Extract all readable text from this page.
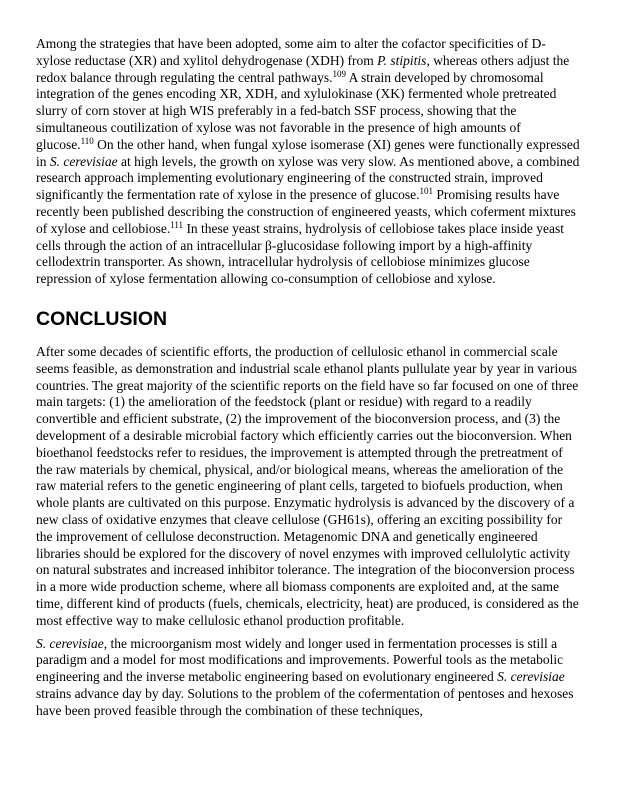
Among the strategies that have been adopted, some aim to alter the cofactor specificities of D-xylose reductase (XR) and xylitol dehydrogenase (XDH) from P. stipitis, whereas others adjust the redox balance through regulating the central pathways.$^{109}$ A strain developed by chromosomal integration of the genes encoding XR, XDH, and xylulokinase (XK) fermented whole pretreated slurry of corn stover at high WIS preferably in a fed-batch SSF process, showing that the simultaneous coutilization of xylose was not favorable in the presence of high amounts of glucose.$^{110}$ On the other hand, when fungal xylose isomerase (XI) genes were functionally expressed in S. cerevisiae at high levels, the growth on xylose was very slow. As mentioned above, a combined research approach implementing evolutionary engineering of the constructed strain, improved significantly the fermentation rate of xylose in the presence of glucose.$^{101}$ Promising results have recently been published describing the construction of engineered yeasts, which coferment mixtures of xylose and cellobiose.$^{111}$ In these yeast strains, hydrolysis of cellobiose takes place inside yeast cells through the action of an intracellular β-glucosidase following import by a high-affinity cellodextrin transporter. As shown, intracellular hydrolysis of cellobiose minimizes glucose repression of xylose fermentation allowing co-consumption of cellobiose and xylose.

CONCLUSION

After some decades of scientific efforts, the production of cellulosic ethanol in commercial scale seems feasible, as demonstration and industrial scale ethanol plants pullulate year by year in various countries. The great majority of the scientific reports on the field have so far focused on one of three main targets: (1) the amelioration of the feedstock (plant or residue) with regard to a readily convertible and efficient substrate, (2) the improvement of the bioconversion process, and (3) the development of a desirable microbial factory which efficiently carries out the bioconversion. When bioethanol feedstocks refer to residues, the improvement is attempted through the pretreatment of the raw materials by chemical, physical, and/or biological means, whereas the amelioration of the raw material refers to the genetic engineering of plant cells, targeted to biofuels production, when whole plants are cultivated on this purpose. Enzymatic hydrolysis is advanced by the discovery of a new class of oxidative enzymes that cleave cellulose (GH61s), offering an exciting possibility for the improvement of cellulose deconstruction. Metagenomic DNA and genetically engineered libraries should be explored for the discovery of novel enzymes with improved cellulolytic activity on natural substrates and increased inhibitor tolerance. The integration of the bioconversion process in a more wide production scheme, where all biomass components are exploited and, at the same time, different kind of products (fuels, chemicals, electricity, heat) are produced, is considered as the most effective way to make cellulosic ethanol production profitable.

S. cerevisiae, the microorganism most widely and longer used in fermentation processes is still a paradigm and a model for most modifications and improvements. Powerful tools as the metabolic engineering and the inverse metabolic engineering based on evolutionary engineered S. cerevisiae strains advance day by day. Solutions to the problem of the cofermentation of pentoses and hexoses have been proved feasible through the combination of these techniques,
